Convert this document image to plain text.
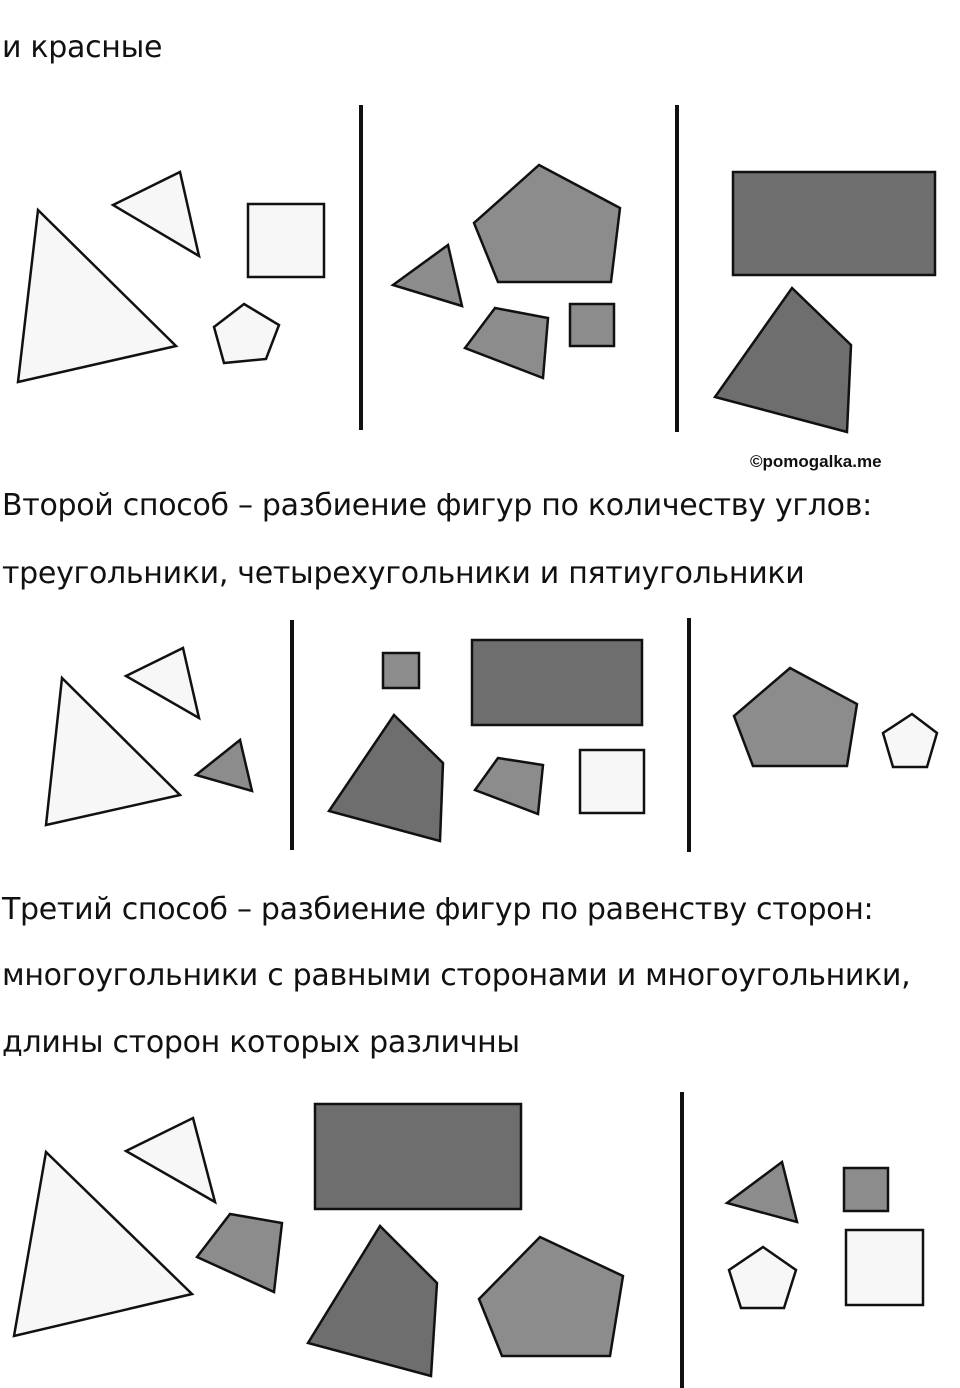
и красные
©pomogalka.me
Второй способ – разбиение фигур по количеству углов:
треугольники, четырехугольники и пятиугольники
Третий способ – разбиение фигур по равенству сторон:
многоугольники с равными сторонами и многоугольники,
длины сторон которых различны
